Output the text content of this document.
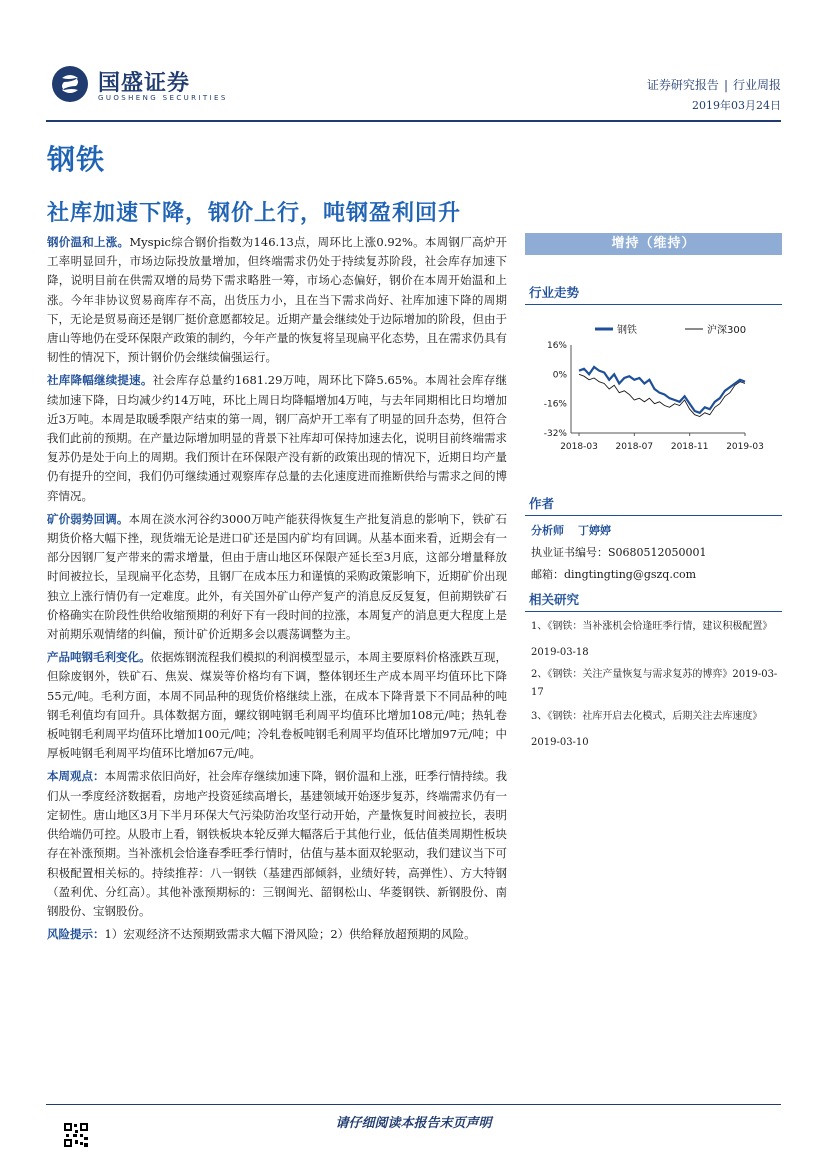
国盛证券
GUOSHENG SECURITIES
证券研究报告 | 行业周报
2019年03月24日
钢铁
社库加速下降，钢价上行，吨钢盈利回升

钢价温和上涨。Myspic综合钢价指数为146.13点，周环比上涨0.92%。本周钢厂高炉开工率明显回升，市场边际投放量增加，但终端需求仍处于持续复苏阶段，社会库存加速下降，说明目前在供需双增的局势下需求略胜一筹，市场心态偏好，钢价在本周开始温和上涨。今年非协议贸易商库存不高，出货压力小，且在当下需求尚好、社库加速下降的周期下，无论是贸易商还是钢厂挺价意愿都较足。近期产量会继续处于边际增加的阶段，但由于唐山等地仍在受环保限产政策的制约，今年产量的恢复将呈现扁平化态势，且在需求仍具有韧性的情况下，预计钢价仍会继续偏强运行。

社库降幅继续提速。社会库存总量约1681.29万吨，周环比下降5.65%。本周社会库存继续加速下降，日均减少约14万吨，环比上周日均降幅增加4万吨，与去年同期相比日均增加近3万吨。本周是取暖季限产结束的第一周，钢厂高炉开工率有了明显的回升态势，但符合我们此前的预期。在产量边际增加明显的背景下社库却可保持加速去化，说明目前终端需求复苏仍是处于向上的周期。我们预计在环保限产没有新的政策出现的情况下，近期日均产量仍有提升的空间，我们仍可继续通过观察库存总量的去化速度进而推断供给与需求之间的博弈情况。

矿价弱势回调。本周在淡水河谷约3000万吨产能获得恢复生产批复消息的影响下，铁矿石期货价格大幅下挫，现货端无论是进口矿还是国内矿均有回调。从基本面来看，近期会有一部分因钢厂复产带来的需求增量，但由于唐山地区环保限产延长至3月底，这部分增量释放时间被拉长，呈现扁平化态势，且钢厂在成本压力和谨慎的采购政策影响下，近期矿价出现独立上涨行情仍有一定难度。此外，有关国外矿山停产复产的消息反反复复，但前期铁矿石价格确实在阶段性供给收缩预期的利好下有一段时间的拉涨，本周复产的消息更大程度上是对前期乐观情绪的纠偏，预计矿价近期多会以震荡调整为主。

产品吨钢毛利变化。依据炼钢流程我们模拟的利润模型显示，本周主要原料价格涨跌互现，但除废钢外，铁矿石、焦炭、煤炭等价格均有下调，整体钢坯生产成本周平均值环比下降55元/吨。毛利方面，本周不同品种的现货价格继续上涨，在成本下降背景下不同品种的吨钢毛利值均有回升。具体数据方面，螺纹钢吨钢毛利周平均值环比增加108元/吨；热轧卷板吨钢毛利周平均值环比增加100元/吨；冷轧卷板吨钢毛利周平均值环比增加97元/吨；中厚板吨钢毛利周平均值环比增加67元/吨。

本周观点：本周需求依旧尚好，社会库存继续加速下降，钢价温和上涨，旺季行情持续。我们从一季度经济数据看，房地产投资延续高增长，基建领域开始逐步复苏，终端需求仍有一定韧性。唐山地区3月下半月环保大气污染防治攻坚行动开始，产量恢复时间被拉长，表明供给端仍可控。从股市上看，钢铁板块本轮反弹大幅落后于其他行业，低估值类周期性板块存在补涨预期。当补涨机会恰逢春季旺季行情时，估值与基本面双轮驱动，我们建议当下可积极配置相关标的。持续推荐：八一钢铁（基建西部倾斜，业绩好转，高弹性）、方大特钢（盈利优、分红高）。其他补涨预期标的：三钢闽光、韶钢松山、华菱钢铁、新钢股份、南钢股份、宝钢股份。

风险提示：1）宏观经济不达预期致需求大幅下滑风险；2）供给释放超预期的风险。

增持（维持）
行业走势
钢铁	沪深300
16%
0%
-16%
-32%
2018-03 2018-07 2018-11 2019-03
作者
分析师 丁婷婷
执业证书编号：S0680512050001
邮箱：dingtingting@gszq.com
相关研究
1、《钢铁：当补涨机会恰逢旺季行情，建议积极配置》
2019-03-18
2、《钢铁：关注产量恢复与需求复苏的博弈》2019-03-17
3、《钢铁：社库开启去化模式，后期关注去库速度》
2019-03-10
请仔细阅读本报告末页声明
